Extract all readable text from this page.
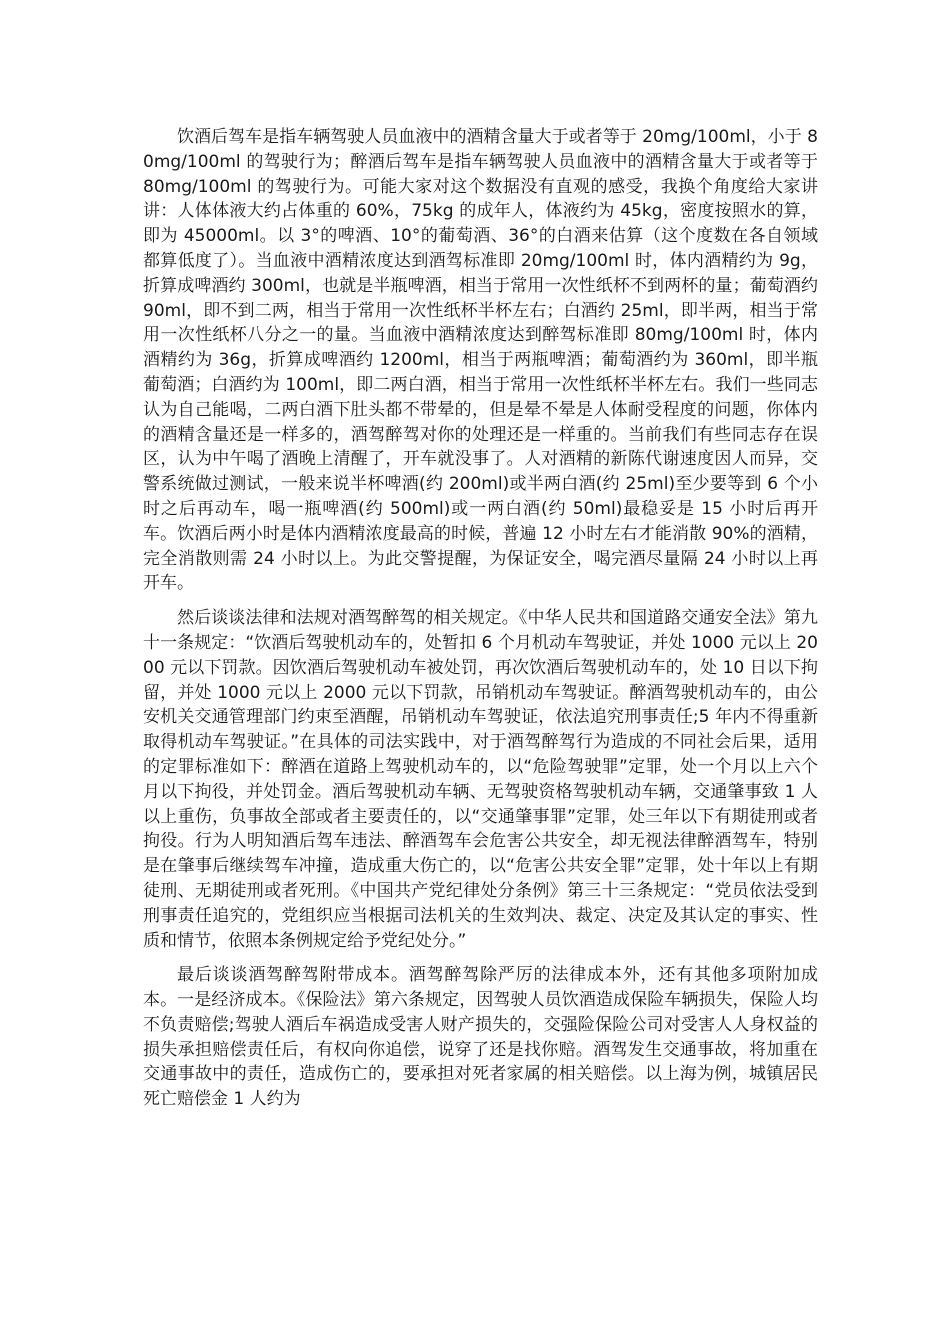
饮酒后驾车是指车辆驾驶人员血液中的酒精含量大于或者等于 20mg/100ml，小于 80mg/100ml 的驾驶行为；醉酒后驾车是指车辆驾驶人员血液中的酒精含量大于或者等于 80mg/100ml 的驾驶行为。可能大家对这个数据没有直观的感受，我换个角度给大家讲讲：人体体液大约占体重的 60%，75kg 的成年人，体液约为 45kg，密度按照水的算，即为 45000ml。以 3°的啤酒、10°的葡萄酒、36°的白酒来估算（这个度数在各自领域都算低度了）。当血液中酒精浓度达到酒驾标准即 20mg/100ml 时，体内酒精约为 9g，折算成啤酒约 300ml，也就是半瓶啤酒，相当于常用一次性纸杯不到两杯的量；葡萄酒约 90ml，即不到二两，相当于常用一次性纸杯半杯左右；白酒约 25ml，即半两，相当于常用一次性纸杯八分之一的量。当血液中酒精浓度达到醉驾标准即 80mg/100ml 时，体内酒精约为 36g，折算成啤酒约 1200ml，相当于两瓶啤酒；葡萄酒约为 360ml，即半瓶葡萄酒；白酒约为 100ml，即二两白酒，相当于常用一次性纸杯半杯左右。我们一些同志认为自己能喝，二两白酒下肚头都不带晕的，但是晕不晕是人体耐受程度的问题，你体内的酒精含量还是一样多的，酒驾醉驾对你的处理还是一样重的。当前我们有些同志存在误区，认为中午喝了酒晚上清醒了，开车就没事了。人对酒精的新陈代谢速度因人而异，交警系统做过测试，一般来说半杯啤酒(约 200ml)或半两白酒(约 25ml)至少要等到 6 个小时之后再动车，喝一瓶啤酒(约 500ml)或一两白酒(约 50ml)最稳妥是 15 小时后再开车。饮酒后两小时是体内酒精浓度最高的时候，普遍 12 小时左右才能消散 90%的酒精，完全消散则需 24 小时以上。为此交警提醒，为保证安全，喝完酒尽量隔 24 小时以上再开车。

然后谈谈法律和法规对酒驾醉驾的相关规定。《中华人民共和国道路交通安全法》第九十一条规定：“饮酒后驾驶机动车的，处暂扣 6 个月机动车驾驶证，并处 1000 元以上 2000 元以下罚款。因饮酒后驾驶机动车被处罚，再次饮酒后驾驶机动车的，处 10 日以下拘留，并处 1000 元以上 2000 元以下罚款，吊销机动车驾驶证。醉酒驾驶机动车的，由公安机关交通管理部门约束至酒醒，吊销机动车驾驶证，依法追究刑事责任;5 年内不得重新取得机动车驾驶证。”在具体的司法实践中，对于酒驾醉驾行为造成的不同社会后果，适用的定罪标准如下：醉酒在道路上驾驶机动车的，以“危险驾驶罪”定罪，处一个月以上六个月以下拘役，并处罚金。酒后驾驶机动车辆、无驾驶资格驾驶机动车辆，交通肇事致 1 人以上重伤，负事故全部或者主要责任的，以“交通肇事罪”定罪，处三年以下有期徒刑或者拘役。行为人明知酒后驾车违法、醉酒驾车会危害公共安全，却无视法律醉酒驾车，特别是在肇事后继续驾车冲撞，造成重大伤亡的，以“危害公共安全罪”定罪，处十年以上有期徒刑、无期徒刑或者死刑。《中国共产党纪律处分条例》第三十三条规定：“党员依法受到刑事责任追究的，党组织应当根据司法机关的生效判决、裁定、决定及其认定的事实、性质和情节，依照本条例规定给予党纪处分。”

最后谈谈酒驾醉驾附带成本。酒驾醉驾除严厉的法律成本外，还有其他多项附加成本。一是经济成本。《保险法》第六条规定，因驾驶人员饮酒造成保险车辆损失，保险人均不负责赔偿;驾驶人酒后车祸造成受害人财产损失的，交强险保险公司对受害人人身权益的损失承担赔偿责任后，有权向你追偿，说穿了还是找你赔。酒驾发生交通事故，将加重在交通事故中的责任，造成伤亡的，要承担对死者家属的相关赔偿。以上海为例，城镇居民死亡赔偿金 1 人约为
